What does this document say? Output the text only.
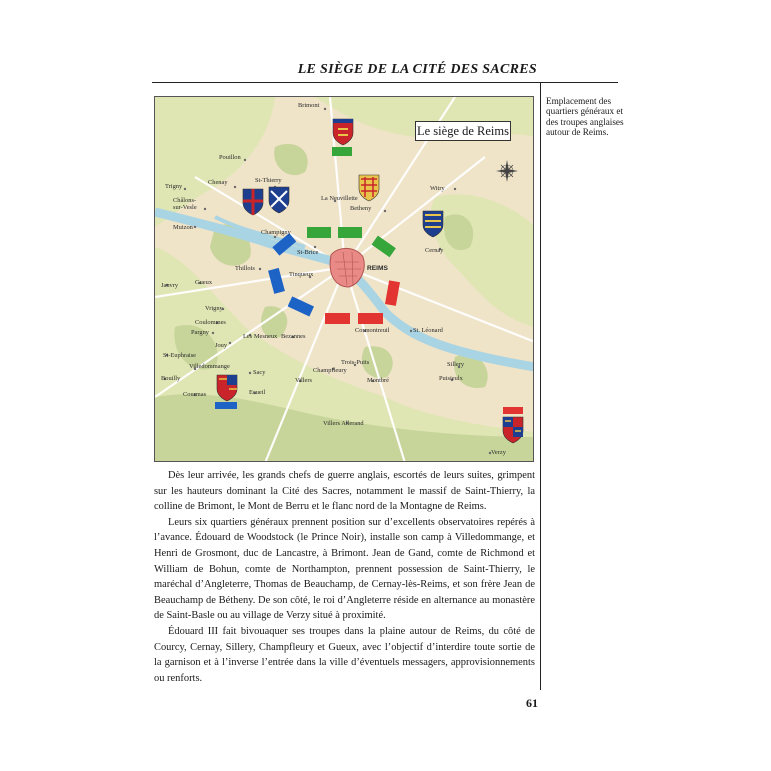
LE SIÈGE DE LA CITÉ DES SACRES
Le siège de Reims
Brimont
Pouillon
St-Thierry
Chenay
Trigny
Châlons-sur-Vesle
La Neuvillette
Betheny
Witry
Cernay
Muizon
Champigny
St-Brice
REIMS
Thillois
Tinqueux
Janvry	Gueux
Vrigny
Coulommes
Pargny
Jouy
Les Mesneux Bezannes
Cormontreuil	St. Léonard
St-Euphraise
Trois-Puits
Villedommange
Sacy	Champfleury
Sillery
Puisieulx
Bouilly
Ecueil
Villers	Montbré
Courmas
Villers Allerand
Verzy
Emplacement des quartiers généraux et des troupes anglaises autour de Reims.

Dès leur arrivée, les grands chefs de guerre anglais, escortés de leurs suites, grimpent sur les hauteurs dominant la Cité des Sacres, notamment le massif de Saint-Thierry, la colline de Brimont, le Mont de Berru et le flanc nord de la Montagne de Reims.

Leurs six quartiers généraux prennent position sur d’excellents observatoires repérés à l’avance. Édouard de Woodstock (le Prince Noir), installe son camp à Villedommange, et Henri de Grosmont, duc de Lancastre, à Brimont. Jean de Gand, comte de Richmond et William de Bohun, comte de Northampton, prennent possession de Saint-Thierry, le maréchal d’Angleterre, Thomas de Beauchamp, de Cernay-lès-Reims, et son frère Jean de Beauchamp de Bétheny. De son côté, le roi d’Angleterre réside en alternance au monastère de Saint-Basle ou au village de Verzy situé à proximité.

Édouard III fait bivouaquer ses troupes dans la plaine autour de Reims, du côté de Courcy, Cernay, Sillery, Champfleury et Gueux, avec l’objectif d’interdire toute sortie de la garnison et à l’inverse l’entrée dans la ville d’éventuels messagers, approvisionnements ou renforts.

61
